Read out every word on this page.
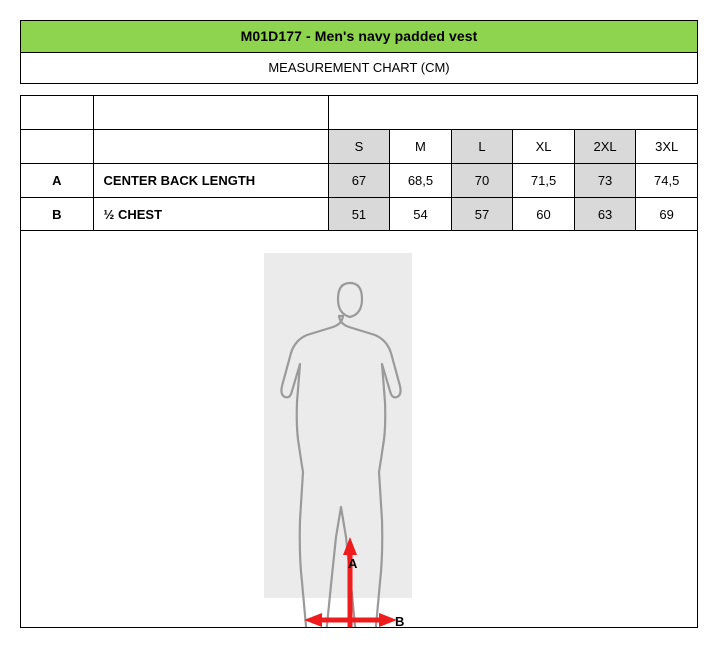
M01D177 - Men's navy padded vest
MEASUREMENT CHART (CM)

		S	M	L	XL	2XL	3XL
A	CENTER BACK LENGTH	67	68,5	70	71,5	73	74,5
B	½ CHEST	51	54	57	60	63	69
A
B
